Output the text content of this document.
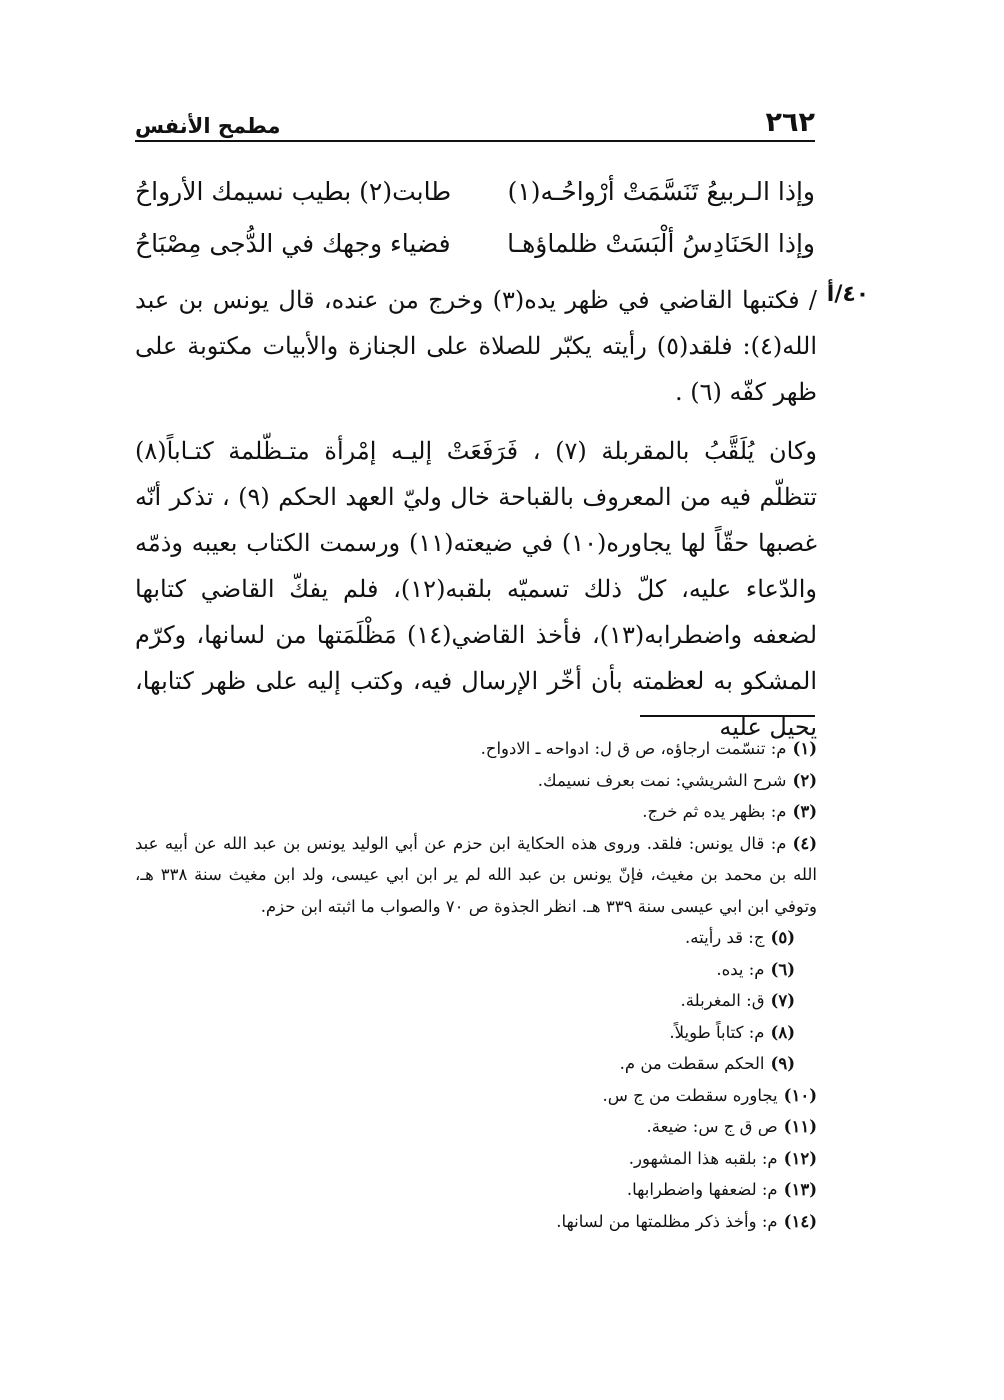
٢٦٢
مطمح الأنفس
وإذا الـربيعُ تَنَسَّمَتْ أرْواحُـه(١)
طابت(٢) بطيب نسيمك الأرواحُ
وإذا الحَنَادِسُ ألْبَسَتْ ظلماؤهـا
فضياء وجهك في الدُّجى مِصْبَاحُ
٤٠/أ
/ فكتبها القاضي في ظهر يده(٣) وخرج من عنده، قال يونس بن عبد الله(٤): فلقد(٥) رأيته يكبّر للصلاة على الجنازة والأبيات مكتوبة على ظهر كفّه (٦) .
وكان يُلَقَّبُ بالمقربلة (٧) ، فَرَفَعَتْ إليـه إمْرأة متـظّلمة كتـاباً(٨) تتظلّم فيه من المعروف بالقباحة خال وليّ العهد الحكم (٩) ، تذكر أنّه غصبها حقّاً لها يجاوره(١٠) في ضيعته(١١) ورسمت الكتاب بعيبه وذمّه والدّعاء عليه، كلّ ذلك تسميّه بلقبه(١٢)، فلم يفكّ القاضي كتابها لضعفه واضطرابه(١٣)، فأخذ القاضي(١٤) مَظْلَمَتها من لسانها، وكرّم المشكو به لعظمته بأن أخّر الإرسال فيه، وكتب إليه على ظهر كتابها، يحيل عليه
(١)م: تنسّمت ارجاؤه، ص ق ل: ادواحه ـ الادواح.
(٢)شرح الشريشي: نمت بعرف نسيمك.
(٣)م: بظهر يده ثم خرج.
(٤)م: قال يونس: فلقد. وروى هذه الحكاية ابن حزم عن أبي الوليد يونس بن عبد الله عن أبيه عبد الله بن محمد بن مغيث، فإنّ يونس بن عبد الله لم ير ابن ابي عيسى، ولد ابن مغيث سنة ٣٣٨ هـ، وتوفي ابن ابي عيسى سنة ٣٣٩ هـ. انظر الجذوة ص ٧٠ والصواب ما اثبته ابن حزم.
(٥)ج: قد رأيته.
(٦)م: يده.
(٧)ق: المغربلة.
(٨)م: كتاباً طويلاً.
(٩)الحكم سقطت من م.
(١٠)يجاوره سقطت من ج س.
(١١)ص ق ج س: ضيعة.
(١٢)م: بلقبه هذا المشهور.
(١٣)م: لضعفها واضطرابها.
(١٤)م: وأخذ ذكر مظلمتها من لسانها.
